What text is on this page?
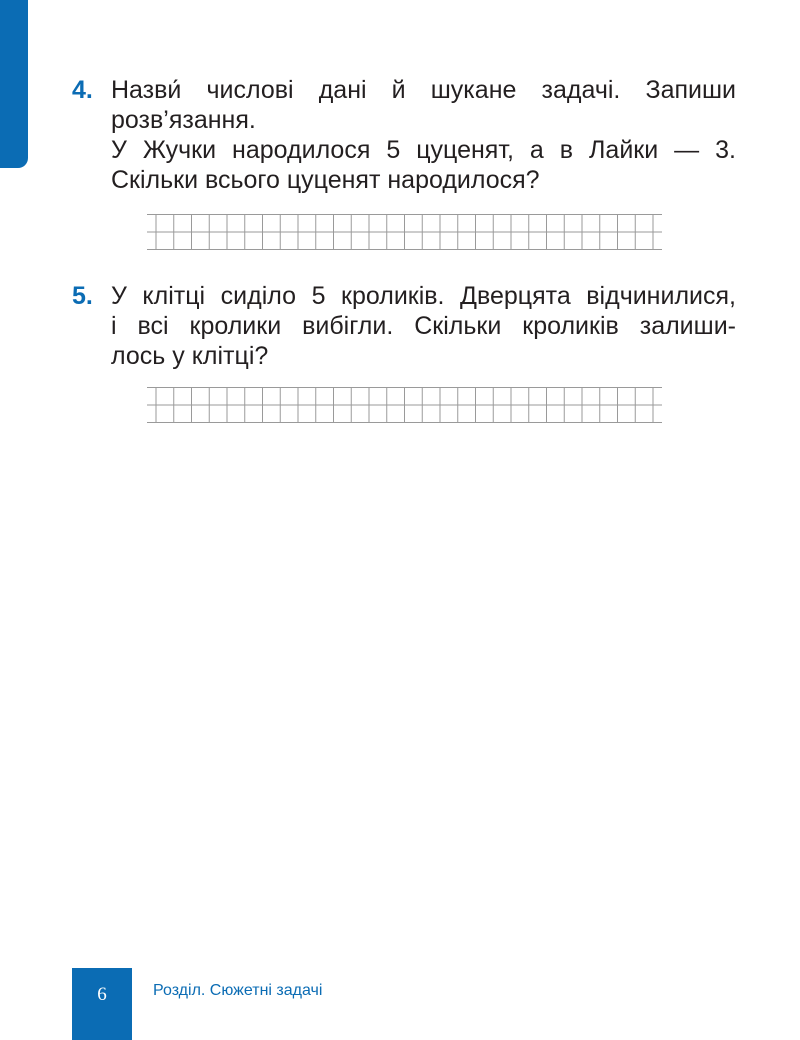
4. Назви́ числові дані й шукане задачі. Запиши

розв’язання.

У Жучки народилося 5 цуценят, а в Лайки — 3.

Скільки всього цуценят народилося?

5. У клітці сиділо 5 кроликів. Дверцята відчинилися,

і всі кролики вибігли. Скільки кроликів залиши-

лось у клітці?

6	Розділ. Сюжетні задачі
